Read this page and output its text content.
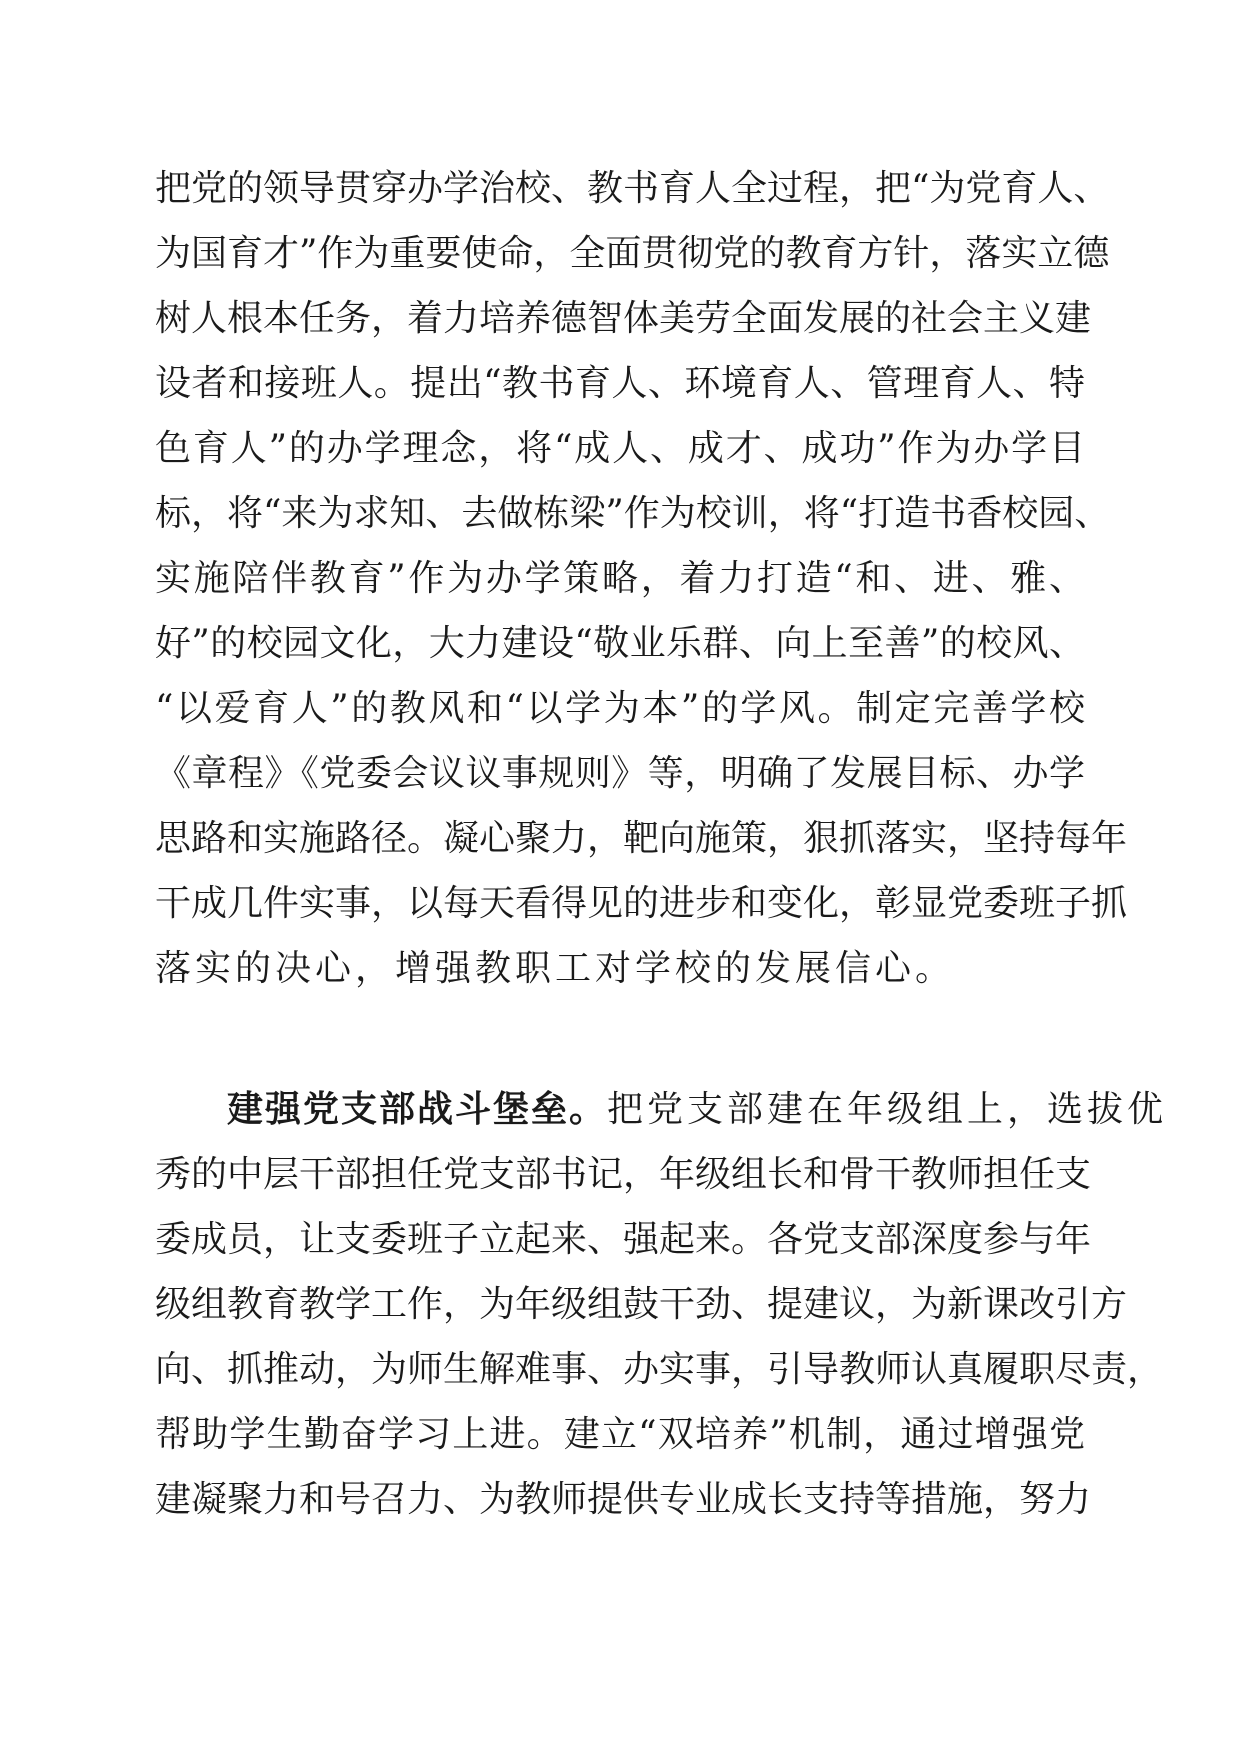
把党的领导贯穿办学治校、教书育人全过程，把“为党育人、
为国育才”作为重要使命，全面贯彻党的教育方针，落实立德
树人根本任务，着力培养德智体美劳全面发展的社会主义建
设者和接班人。提出“教书育人、环境育人、管理育人、特
色育人”的办学理念，将“成人、成才、成功”作为办学目
标，将“来为求知、去做栋梁”作为校训，将“打造书香校园、
实施陪伴教育”作为办学策略，着力打造“和、进、雅、
好”的校园文化，大力建设“敬业乐群、向上至善”的校风、
“以爱育人”的教风和“以学为本”的学风。制定完善学校
《章程》《党委会议议事规则》等，明确了发展目标、办学
思路和实施路径。凝心聚力，靶向施策，狠抓落实，坚持每年
干成几件实事，以每天看得见的进步和变化，彰显党委班子抓
落实的决心，增强教职工对学校的发展信心。
建强党支部战斗堡垒。把党支部建在年级组上，选拔优
秀的中层干部担任党支部书记，年级组长和骨干教师担任支
委成员，让支委班子立起来、强起来。各党支部深度参与年
级组教育教学工作，为年级组鼓干劲、提建议，为新课改引方
向、抓推动，为师生解难事、办实事，引导教师认真履职尽责，
帮助学生勤奋学习上进。建立“双培养”机制，通过增强党
建凝聚力和号召力、为教师提供专业成长支持等措施，努力
